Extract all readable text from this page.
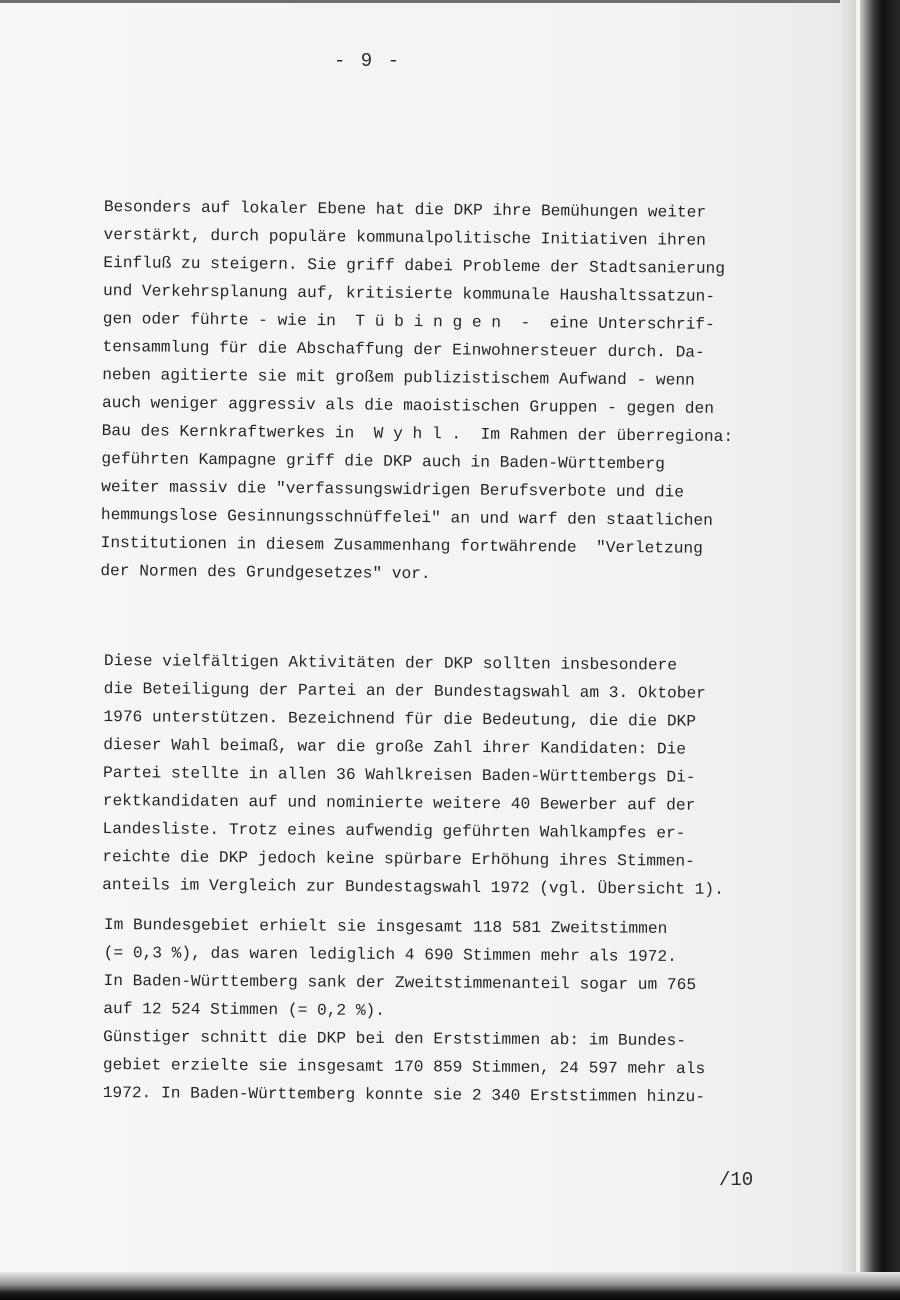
- 9 -
Besonders auf lokaler Ebene hat die DKP ihre Bemühungen weiter
verstärkt, durch populäre kommunalpolitische Initiativen ihren
Einfluß zu steigern. Sie griff dabei Probleme der Stadtsanierung
und Verkehrsplanung auf, kritisierte kommunale Haushaltssatzun-
gen oder führte - wie in  T ü b i n g e n  -  eine Unterschrif-
tensammlung für die Abschaffung der Einwohnersteuer durch. Da-
neben agitierte sie mit großem publizistischem Aufwand - wenn
auch weniger aggressiv als die maoistischen Gruppen - gegen den
Bau des Kernkraftwerkes in  W y h l .  Im Rahmen der überregiona:
geführten Kampagne griff die DKP auch in Baden-Württemberg
weiter massiv die "verfassungswidrigen Berufsverbote und die
hemmungslose Gesinnungsschnüffelei" an und warf den staatlichen
Institutionen in diesem Zusammenhang fortwährende  "Verletzung
der Normen des Grundgesetzes" vor.
Diese vielfältigen Aktivitäten der DKP sollten insbesondere
die Beteiligung der Partei an der Bundestagswahl am 3. Oktober
1976 unterstützen. Bezeichnend für die Bedeutung, die die DKP
dieser Wahl beimaß, war die große Zahl ihrer Kandidaten: Die
Partei stellte in allen 36 Wahlkreisen Baden-Württembergs Di-
rektkandidaten auf und nominierte weitere 40 Bewerber auf der
Landesliste. Trotz eines aufwendig geführten Wahlkampfes er-
reichte die DKP jedoch keine spürbare Erhöhung ihres Stimmen-
anteils im Vergleich zur Bundestagswahl 1972 (vgl. Übersicht 1).
Im Bundesgebiet erhielt sie insgesamt 118 581 Zweitstimmen
(= 0,3 %), das waren lediglich 4 690 Stimmen mehr als 1972.
In Baden-Württemberg sank der Zweitstimmenanteil sogar um 765
auf 12 524 Stimmen (= 0,2 %).
Günstiger schnitt die DKP bei den Erststimmen ab: im Bundes-
gebiet erzielte sie insgesamt 170 859 Stimmen, 24 597 mehr als
1972. In Baden-Württemberg konnte sie 2 340 Erststimmen hinzu-
/10
